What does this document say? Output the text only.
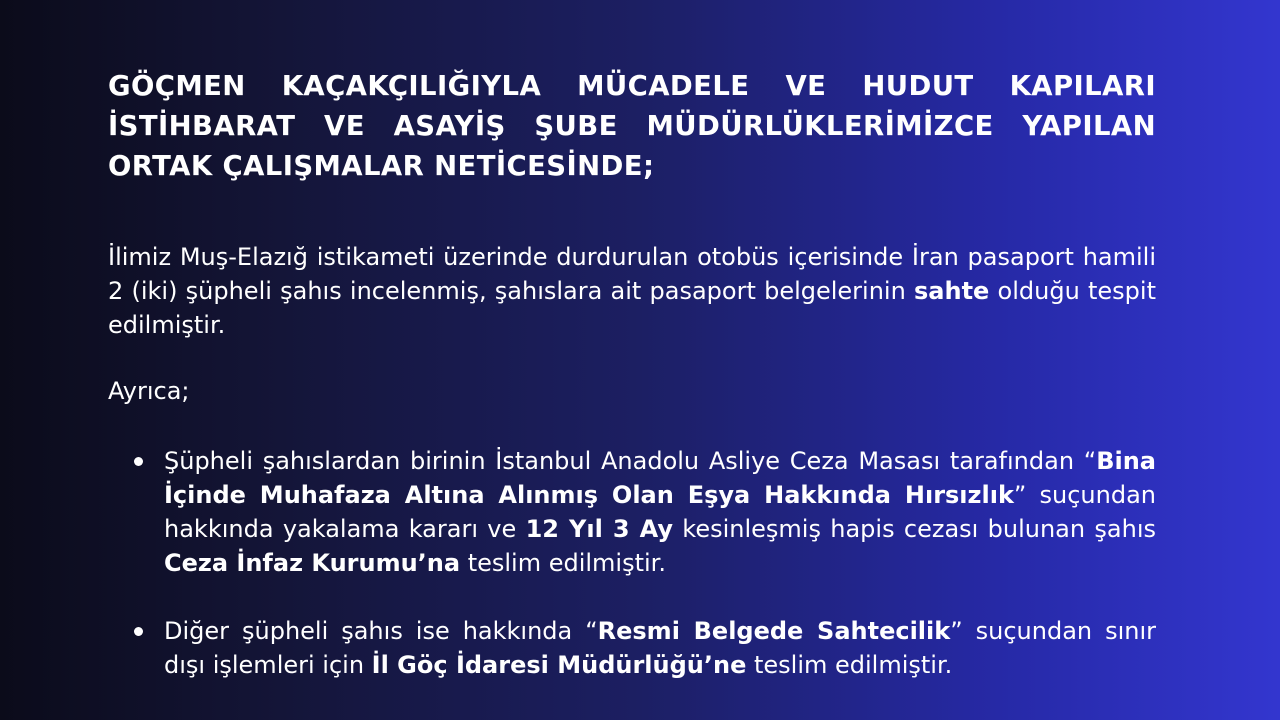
GÖÇMEN KAÇAKÇILIĞIYLA MÜCADELE VE HUDUT KAPILARI İSTİHBARAT VE ASAYİŞ ŞUBE MÜDÜRLÜKLERİMİZCE YAPILAN ORTAK ÇALIŞMALAR NETİCESİNDE;

İlimiz Muş-Elazığ istikameti üzerinde durdurulan otobüs içerisinde İran pasaport hamili 2 (iki) şüpheli şahıs incelenmiş, şahıslara ait pasaport belgelerinin sahte olduğu tespit edilmiştir.

Ayrıca;

Şüpheli şahıslardan birinin İstanbul Anadolu Asliye Ceza Masası tarafından “Bina İçinde Muhafaza Altına Alınmış Olan Eşya Hakkında Hırsızlık” suçundan hakkında yakalama kararı ve 12 Yıl 3 Ay kesinleşmiş hapis cezası bulunan şahıs Ceza İnfaz Kurumu’na teslim edilmiştir.
Diğer şüpheli şahıs ise hakkında “Resmi Belgede Sahtecilik” suçundan sınır dışı işlemleri için İl Göç İdaresi Müdürlüğü’ne teslim edilmiştir.
